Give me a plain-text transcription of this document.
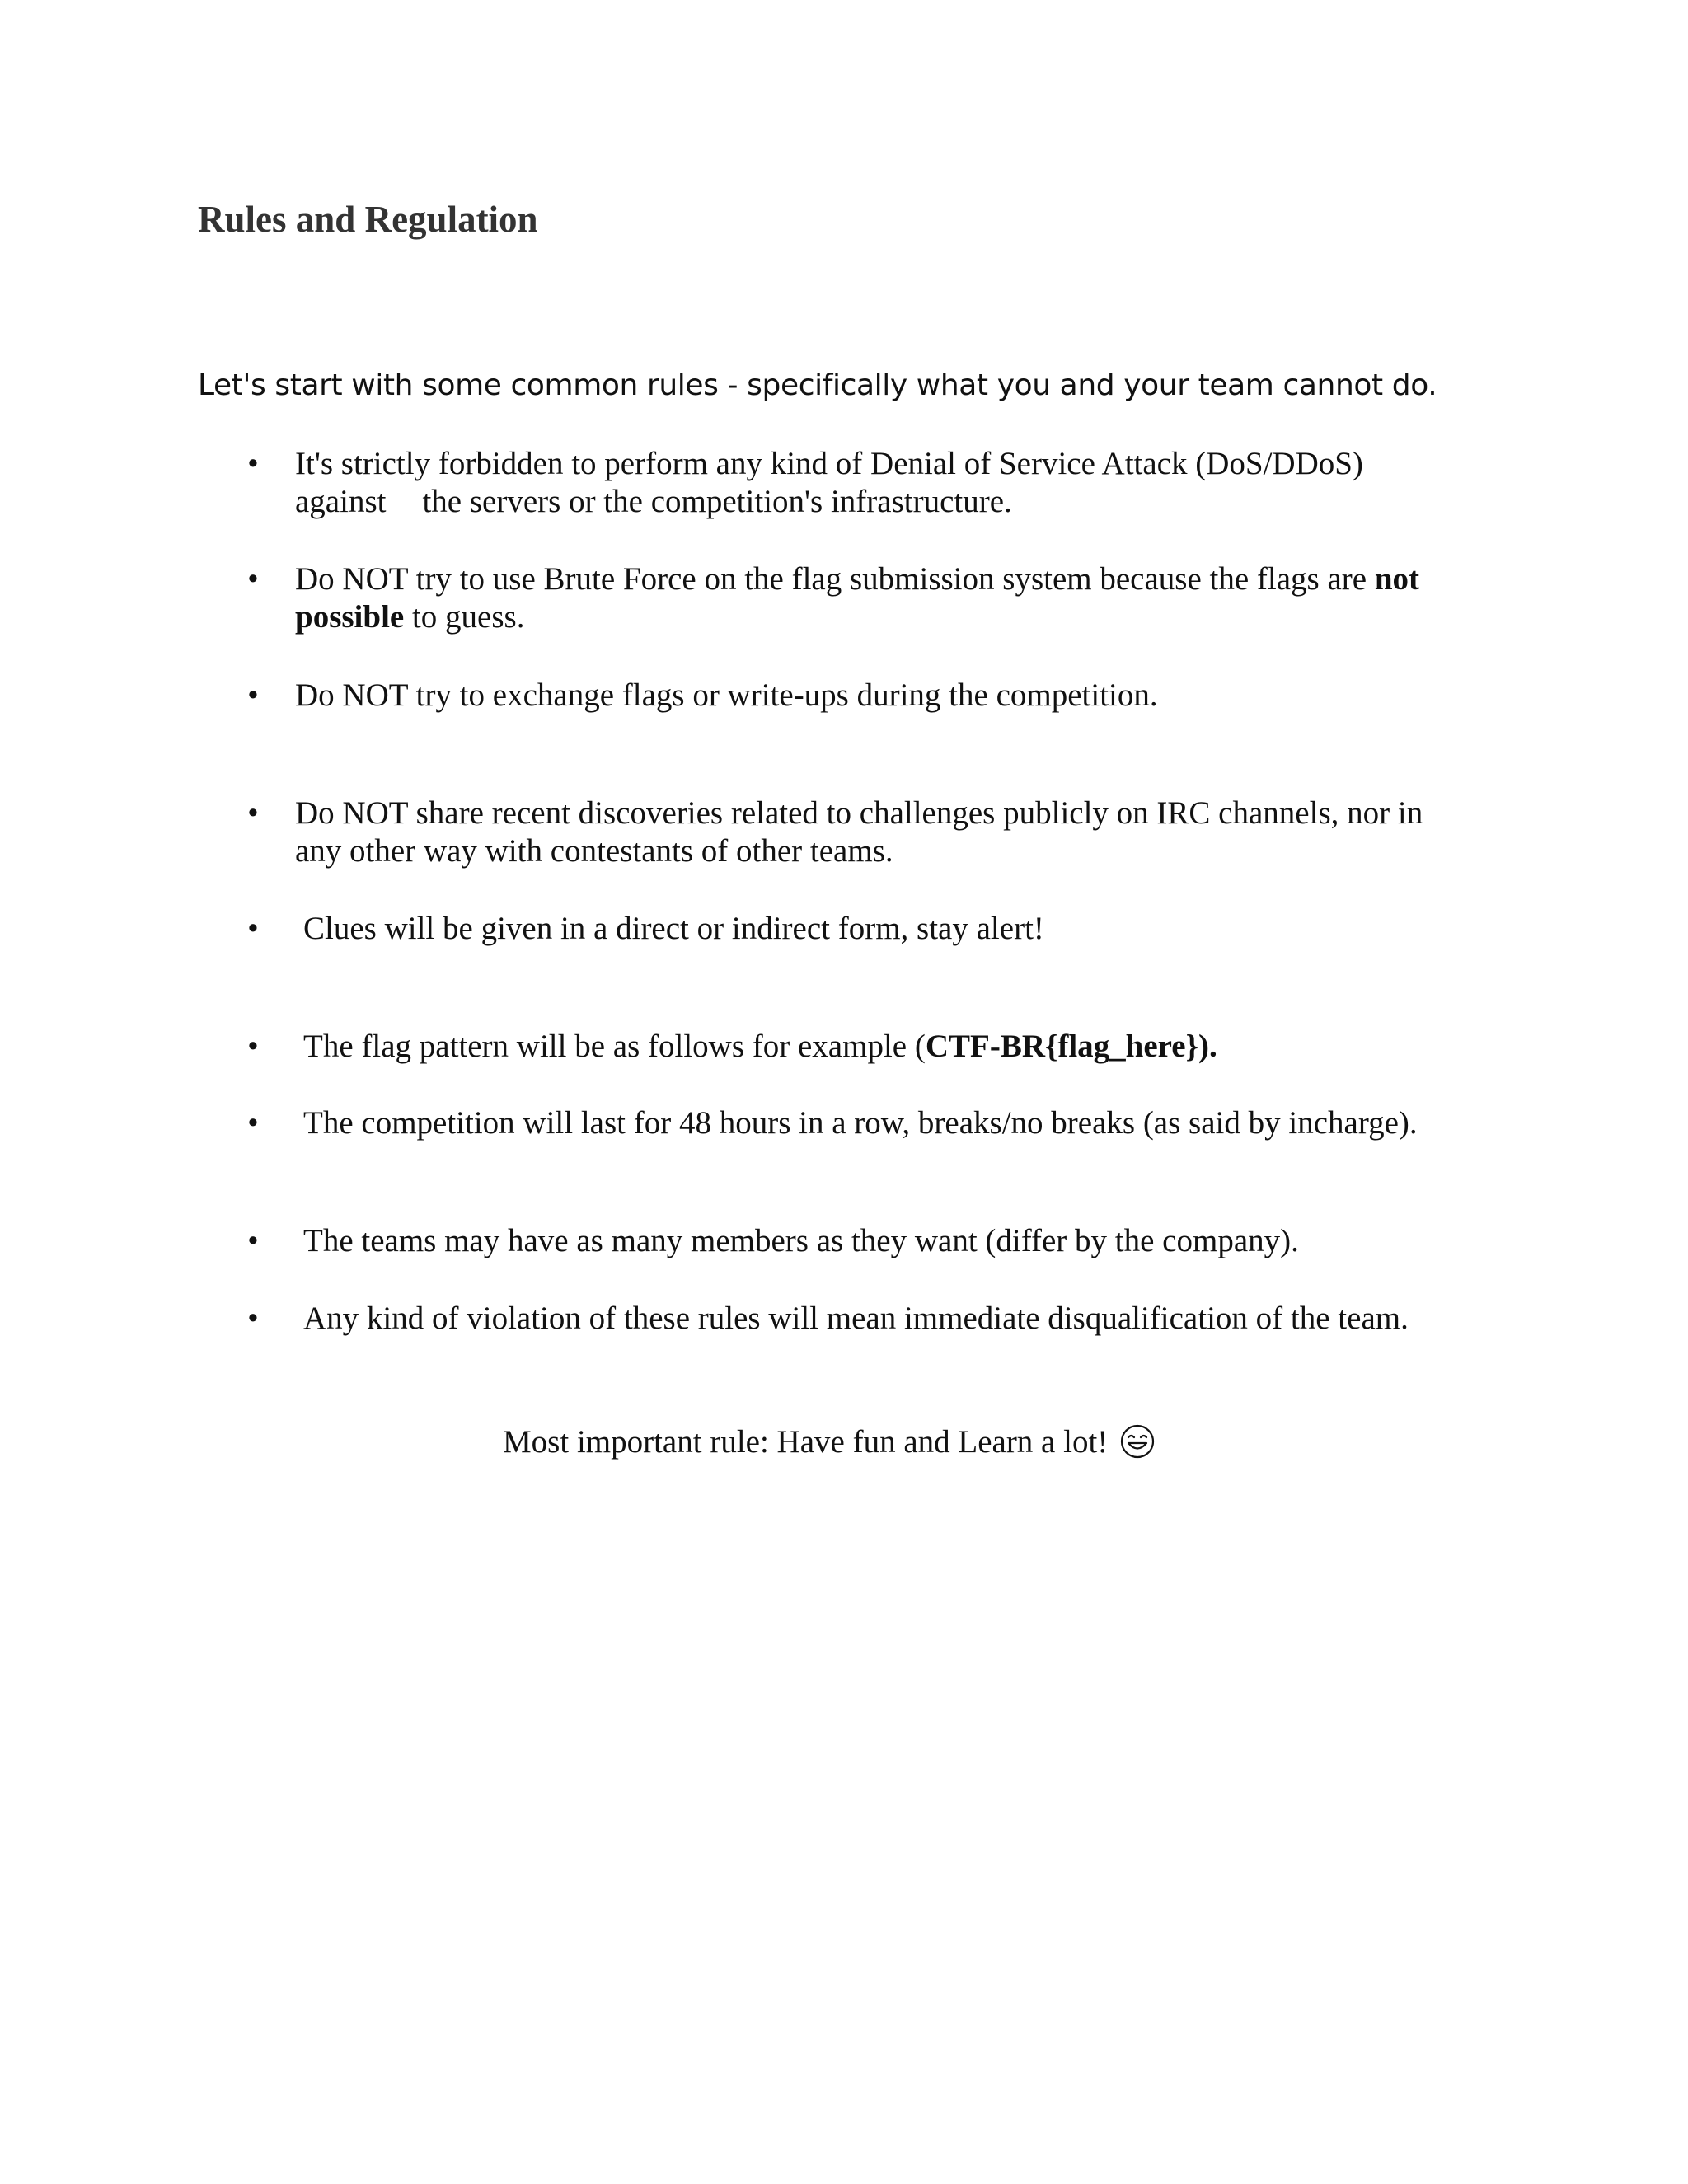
Rules and Regulation

Let's start with some common rules - specifically what you and your team cannot do.

• It's strictly forbidden to perform any kind of Denial of Service Attack (DoS/DDoS)
against the servers or the competition's infrastructure.

• Do NOT try to use Brute Force on the flag submission system because the flags are not
possible to guess.

• Do NOT try to exchange flags or write-ups during the competition.

• Do NOT share recent discoveries related to challenges publicly on IRC channels, nor in any other way with contestants of other teams.

• Clues will be given in a direct or indirect form, stay alert!

• The flag pattern will be as follows for example (CTF-BR{flag_here}).

• The competition will last for 48 hours in a row, breaks/no breaks (as said by incharge).

• The teams may have as many members as they want (differ by the company).

• Any kind of violation of these rules will mean immediate disqualification of the team.

Most important rule: Have fun and Learn a lot!
